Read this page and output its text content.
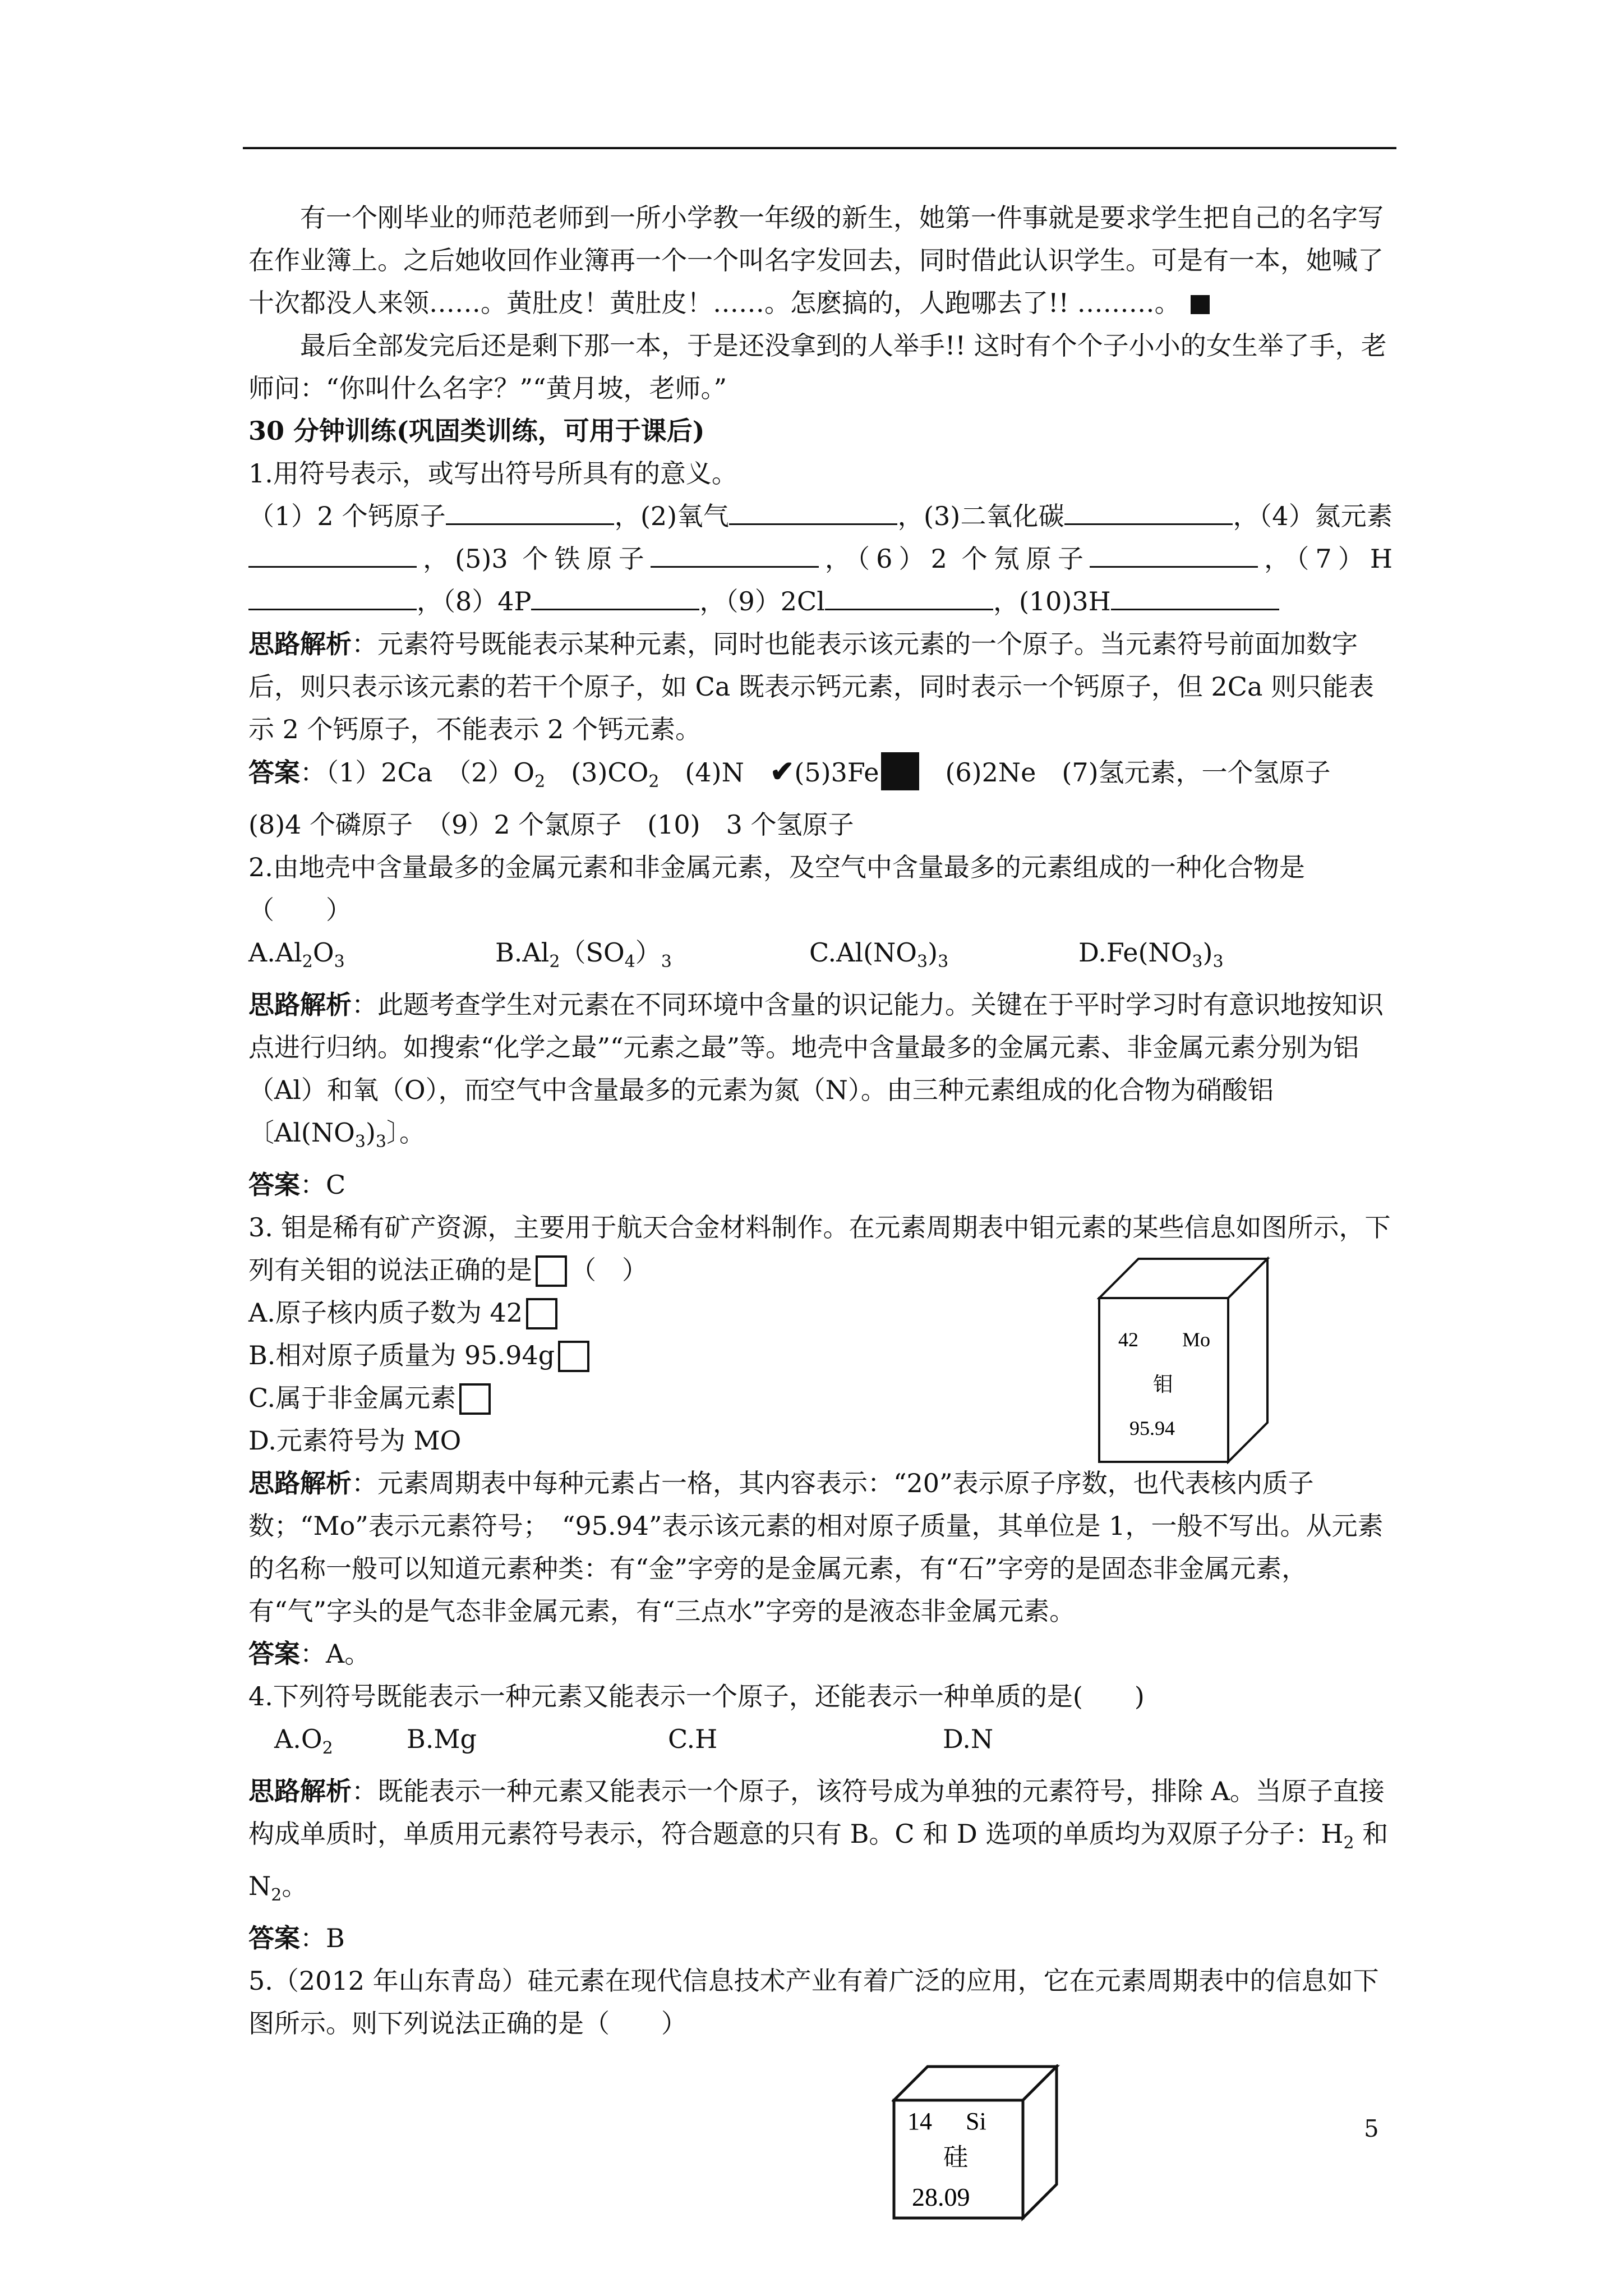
有一个刚毕业的师范老师到一所小学教一年级的新生，她第一件事就是要求学生把自己的名字写在作业簿上。之后她收回作业簿再一个一个叫名字发回去，同时借此认识学生。可是有一本，她喊了十次都没人来领……。黄肚皮！黄肚皮！……。怎麽搞的，人跑哪去了!! ………。

最后全部发完后还是剩下那一本，于是还没拿到的人举手!! 这时有个个子小小的女生举了手，老师问：“你叫什么名字？”“黄月坡，老师。”

30 分钟训练(巩固类训练，可用于课后)

1.用符号表示，或写出符号所具有的意义。

（1）2 个钙原子	，(2)氧气	，(3)二氧化碳	，（4）氮元素，(5)3 个铁原子	，（6）2 个氖原子	，（7）H，（8）4P	，（9）2Cl	，(10)3H

思路解析：元素符号既能表示某种元素，同时也能表示该元素的一个原子。当元素符号前面加数字后，则只表示该元素的若干个原子，如 Ca 既表示钙元素，同时表示一个钙原子，但 2Ca 则只能表示 2 个钙原子，不能表示 2 个钙元素。

答案：（1）2Ca　$(2)O_2$　$(3)CO_2$　(4)N　✔(5)3Fe　(6)2Ne　(7)氢元素，一个氢原子　(8)4 个磷原子　（9）2 个氯原子　(10)　3 个氢原子

2.由地壳中含量最多的金属元素和非金属元素，及空气中含量最多的元素组成的一种化合物是（　　）

A.Al2O3	B.Al2（SO4）3	C.Al(NO3)3	D.Fe(NO3)3

思路解析：此题考查学生对元素在不同环境中含量的识记能力。关键在于平时学习时有意识地按知识点进行归纳。如搜索“化学之最”“元素之最”等。地壳中含量最多的金属元素、非金属元素分别为铝（Al）和氧（O），而空气中含量最多的元素为氮（N）。由三种元素组成的化合物为硝酸铝〔$Al(NO_3)_3$〕。

答案：C

3. 钼是稀有矿产资源，主要用于航天合金材料制作。在元素周期表中钼元素的某些信息如图所示，下列有关钼的说法正确的是 （　）

A.原子核内质子数为 42

B.相对原子质量为 95.94g

C.属于非金属元素

D.元素符号为 MO

思路解析：元素周期表中每种元素占一格，其内容表示：“20”表示原子序数，也代表核内质子数；“Mo”表示元素符号；　“95.94”表示该元素的相对原子质量，其单位是 1，一般不写出。从元素的名称一般可以知道元素种类：有“金”字旁的是金属元素，有“石”字旁的是固态非金属元素，有“气”字头的是气态非金属元素，有“三点水”字旁的是液态非金属元素。

答案：A。

4.下列符号既能表示一种元素又能表示一个原子，还能表示一种单质的是(　　)

A.O2	B.Mg	C.H	D.N

思路解析：既能表示一种元素又能表示一个原子，该符号成为单独的元素符号，排除 A。当原子直接构成单质时，单质用元素符号表示，符合题意的只有 B。C 和 D 选项的单质均为双原子分子：$H_2$ 和 $N_2$。

答案：B

5.（2012 年山东青岛）硅元素在现代信息技术产业有着广泛的应用，它在元素周期表中的信息如下图所示。则下列说法正确的是（　　）

42 Mo
钼
95.94
14 Si
硅
28.09
5
